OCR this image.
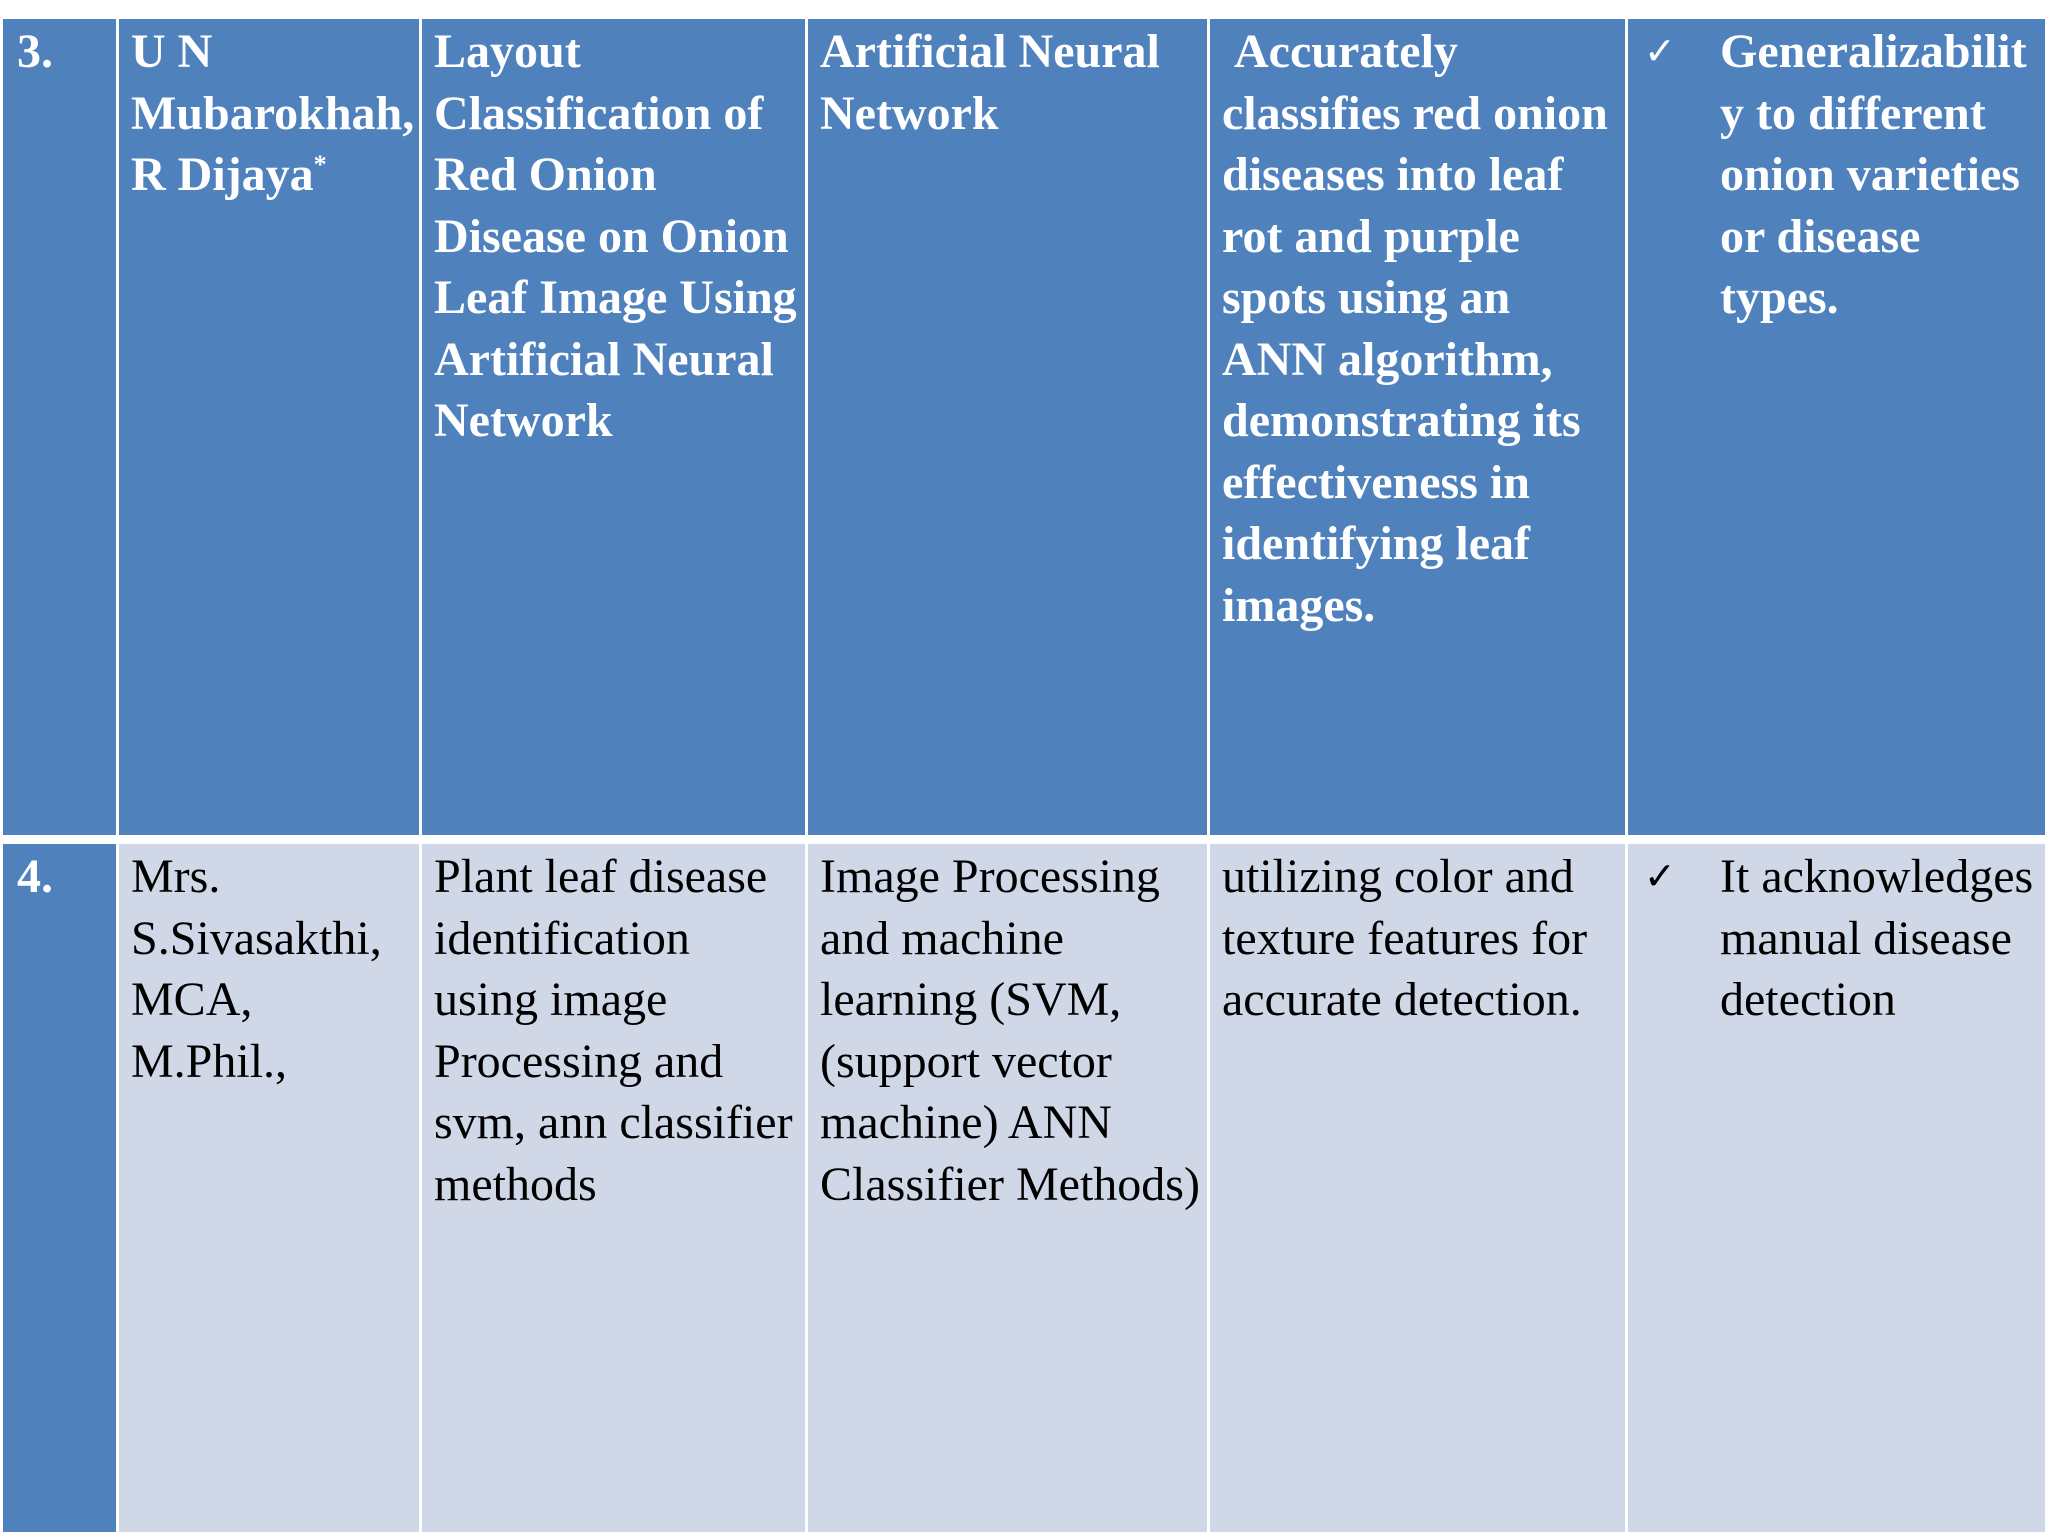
3.	U N Mubarokhah, R Dijaya*	Layout Classification of Red Onion Disease on Onion Leaf Image Using Artificial Neural Network	Artificial Neural Network	Accurately classifies red onion diseases into leaf rot and purple spots using an ANN algorithm, demonstrating its effectiveness in identifying leaf images.	✓ Generalizability to different onion varieties or disease types.

4.	Mrs. S.Sivasakthi, MCA, M.Phil.,	Plant leaf disease identification using image Processing and svm, ann classifier methods	Image Processing and machine learning (SVM,(support vector machine) ANN Classifier Methods)	utilizing color and texture features for accurate detection.	✓ It acknowledges manual disease detection
